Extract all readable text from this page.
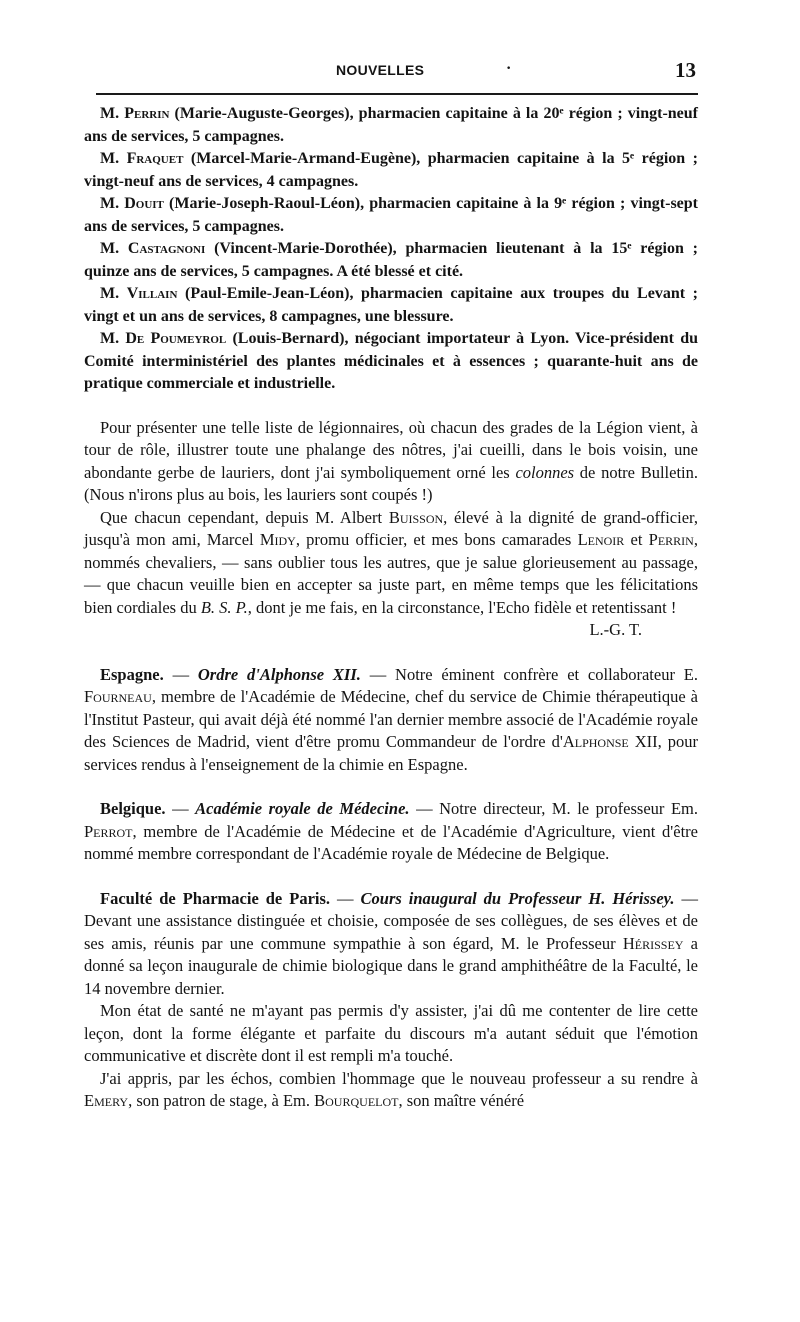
NOUVELLES	·	13

M. Perrin (Marie-Auguste-Georges), pharmacien capitaine à la 20ᵉ région ; vingt-neuf ans de services, 5 campagnes.

M. Fraquet (Marcel-Marie-Armand-Eugène), pharmacien capitaine à la 5ᵉ région ; vingt-neuf ans de services, 4 campagnes.

M. Douit (Marie-Joseph-Raoul-Léon), pharmacien capitaine à la 9ᵉ région ; vingt-sept ans de services, 5 campagnes.

M. Castagnoni (Vincent-Marie-Dorothée), pharmacien lieutenant à la 15ᵉ région ; quinze ans de services, 5 campagnes. A été blessé et cité.

M. Villain (Paul-Emile-Jean-Léon), pharmacien capitaine aux troupes du Levant ; vingt et un ans de services, 8 campagnes, une blessure.

M. De Poumeyrol (Louis-Bernard), négociant importateur à Lyon. Vice-président du Comité interministériel des plantes médicinales et à essences ; quarante-huit ans de pratique commerciale et industrielle.

Pour présenter une telle liste de légionnaires, où chacun des grades de la Légion vient, à tour de rôle, illustrer toute une phalange des nôtres, j'ai cueilli, dans le bois voisin, une abondante gerbe de lauriers, dont j'ai symboliquement orné les colonnes de notre Bulletin. (Nous n'irons plus au bois, les lauriers sont coupés !)

Que chacun cependant, depuis M. Albert Buisson, élevé à la dignité de grand-officier, jusqu'à mon ami, Marcel Midy, promu officier, et mes bons camarades Lenoir et Perrin, nommés chevaliers, — sans oublier tous les autres, que je salue glorieusement au passage, — que chacun veuille bien en accepter sa juste part, en même temps que les félicitations bien cordiales du B. S. P., dont je me fais, en la circonstance, l'Echo fidèle et retentissant !

L.-G. T.

Espagne. — Ordre d'Alphonse XII. — Notre éminent confrère et collaborateur E. Fourneau, membre de l'Académie de Médecine, chef du service de Chimie thérapeutique à l'Institut Pasteur, qui avait déjà été nommé l'an dernier membre associé de l'Académie royale des Sciences de Madrid, vient d'être promu Commandeur de l'ordre d'Alphonse XII, pour services rendus à l'enseignement de la chimie en Espagne.

Belgique. — Académie royale de Médecine. — Notre directeur, M. le professeur Em. Perrot, membre de l'Académie de Médecine et de l'Académie d'Agriculture, vient d'être nommé membre correspondant de l'Académie royale de Médecine de Belgique.

Faculté de Pharmacie de Paris. — Cours inaugural du Professeur H. Hérissey. — Devant une assistance distinguée et choisie, composée de ses collègues, de ses élèves et de ses amis, réunis par une commune sympathie à son égard, M. le Professeur Hérissey a donné sa leçon inaugurale de chimie biologique dans le grand amphithéâtre de la Faculté, le 14 novembre dernier.

Mon état de santé ne m'ayant pas permis d'y assister, j'ai dû me contenter de lire cette leçon, dont la forme élégante et parfaite du discours m'a autant séduit que l'émotion communicative et discrète dont il est rempli m'a touché.

J'ai appris, par les échos, combien l'hommage que le nouveau professeur a su rendre à Emery, son patron de stage, à Em. Bourquelot, son maître vénéré
